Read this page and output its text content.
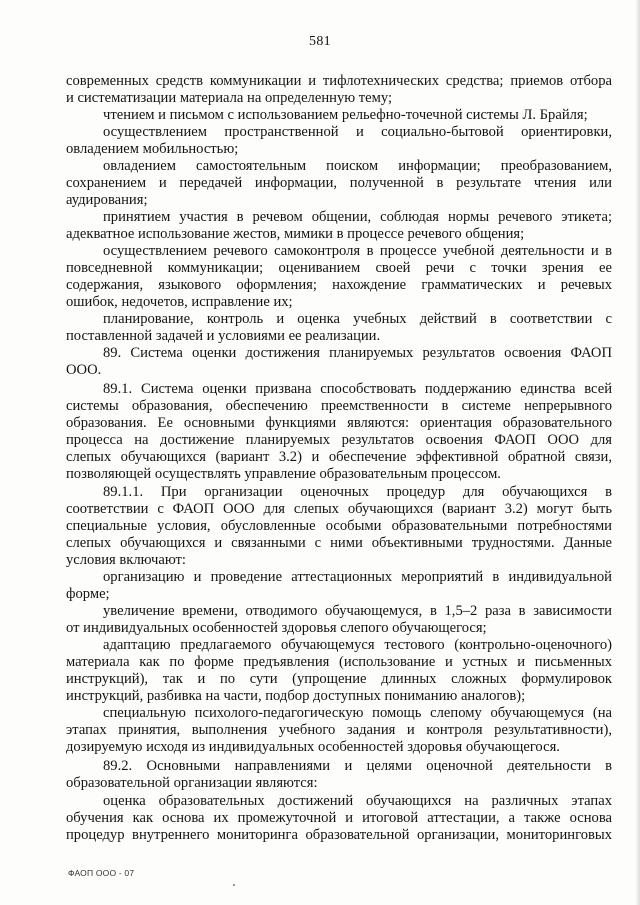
581
современных средств коммуникации и тифлотехнических средства; приемов отбора
и систематизации материала на определенную тему;
чтением и письмом с использованием рельефно-точечной системы Л. Брайля;
осуществлением пространственной и социально-бытовой ориентировки,
овладением мобильностью;
овладением самостоятельным поиском информации; преобразованием,
сохранением и передачей информации, полученной в результате чтения или
аудирования;
принятием участия в речевом общении, соблюдая нормы речевого этикета;
адекватное использование жестов, мимики в процессе речевого общения;
осуществлением речевого самоконтроля в процессе учебной деятельности и в
повседневной коммуникации; оцениванием своей речи с точки зрения ее
содержания, языкового оформления; нахождение грамматических и речевых
ошибок, недочетов, исправление их;
планирование, контроль и оценка учебных действий в соответствии с
поставленной задачей и условиями ее реализации.
89. Система оценки достижения планируемых результатов освоения ФАОП
ООО.
89.1. Система оценки призвана способствовать поддержанию единства всей
системы образования, обеспечению преемственности в системе непрерывного
образования. Ее основными функциями являются: ориентация образовательного
процесса на достижение планируемых результатов освоения ФАОП ООО для
слепых обучающихся (вариант 3.2) и обеспечение эффективной обратной связи,
позволяющей осуществлять управление образовательным процессом.
89.1.1. При организации оценочных процедур для обучающихся в
соответствии с ФАОП ООО для слепых обучающихся (вариант 3.2) могут быть
специальные условия, обусловленные особыми образовательными потребностями
слепых обучающихся и связанными с ними объективными трудностями. Данные
условия включают:
организацию и проведение аттестационных мероприятий в индивидуальной
форме;
увеличение времени, отводимого обучающемуся, в 1,5–2 раза в зависимости
от индивидуальных особенностей здоровья слепого обучающегося;
адаптацию предлагаемого обучающемуся тестового (контрольно-оценочного)
материала как по форме предъявления (использование и устных и письменных
инструкций), так и по сути (упрощение длинных сложных формулировок
инструкций, разбивка на части, подбор доступных пониманию аналогов);
специальную психолого-педагогическую помощь слепому обучающемуся (на
этапах принятия, выполнения учебного задания и контроля результативности),
дозируемую исходя из индивидуальных особенностей здоровья обучающегося.
89.2. Основными направлениями и целями оценочной деятельности в
образовательной организации являются:
оценка образовательных достижений обучающихся на различных этапах
обучения как основа их промежуточной и итоговой аттестации, а также основа
процедур внутреннего мониторинга образовательной организации, мониторинговых
ФАОП ООО - 07
